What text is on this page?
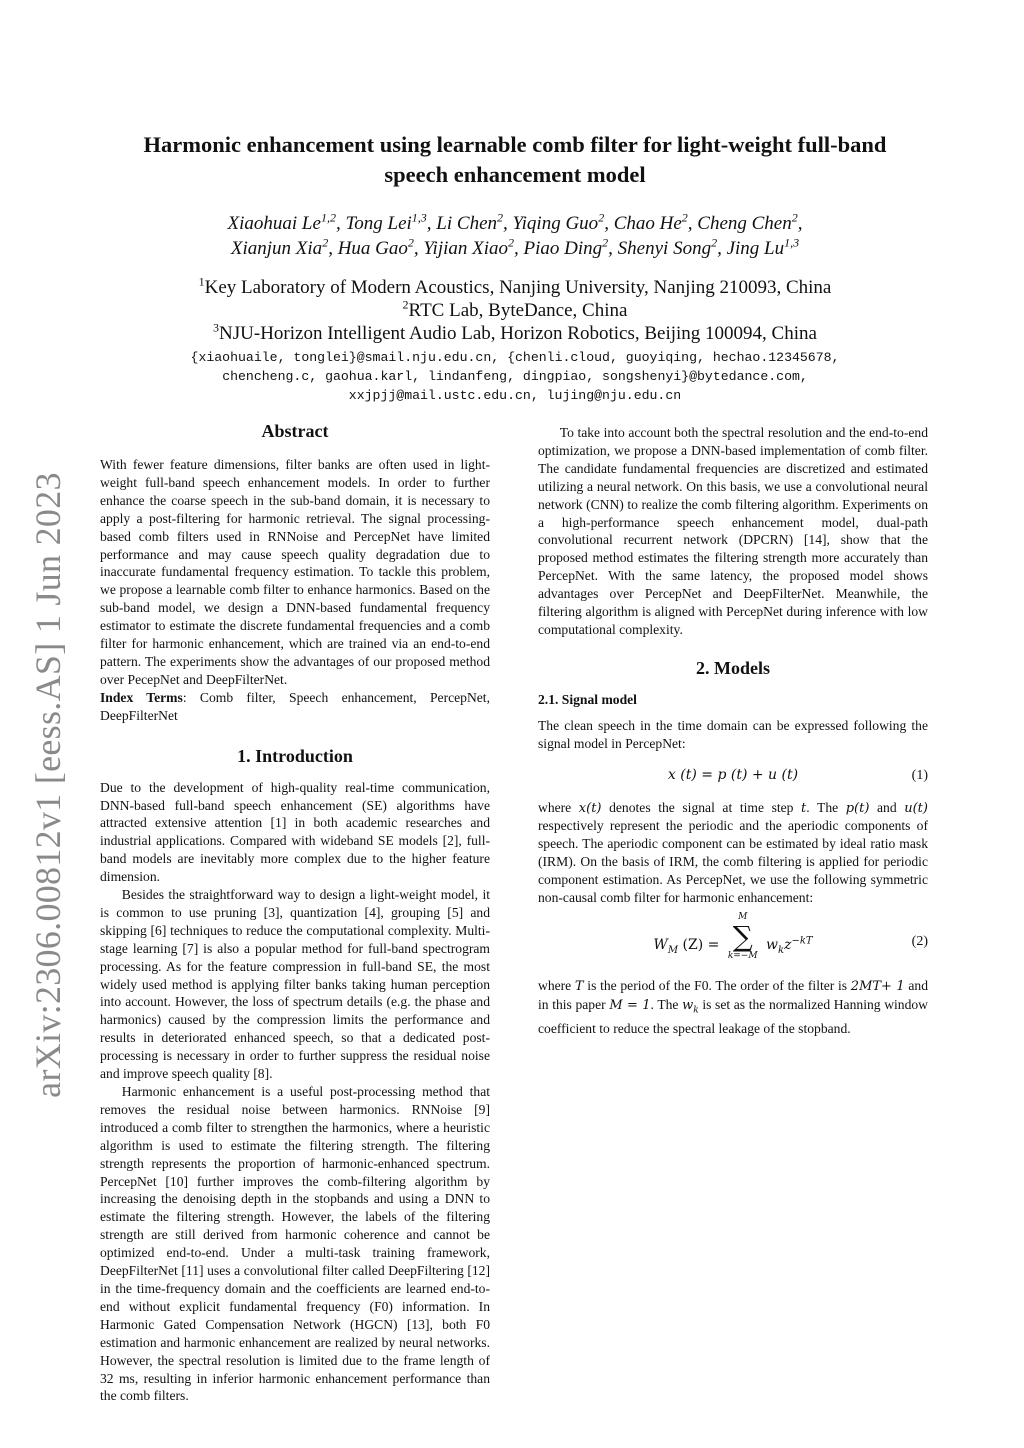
arXiv:2306.00812v1 [eess.AS] 1 Jun 2023
Harmonic enhancement using learnable comb filter for light-weight full-band
speech enhancement model
Xiaohuai Le$^{1,2}$, Tong Lei$^{1,3}$, Li Chen$^2$, Yiqing Guo$^2$, Chao He$^2$, Cheng Chen$^2$,
Xianjun Xia$^2$, Hua Gao$^2$, Yijian Xiao$^2$, Piao Ding$^2$, Shenyi Song$^2$, Jing Lu$^{1,3}$
$^1$Key Laboratory of Modern Acoustics, Nanjing University, Nanjing 210093, China
$^2$RTC Lab, ByteDance, China
$^3$NJU-Horizon Intelligent Audio Lab, Horizon Robotics, Beijing 100094, China
{xiaohuaile, tonglei}@smail.nju.edu.cn, {chenli.cloud, guoyiqing, hechao.12345678,
chencheng.c, gaohua.karl, lindanfeng, dingpiao, songshenyi}@bytedance.com,
xxjpjj@mail.ustc.edu.cn, lujing@nju.edu.cn

Abstract

With fewer feature dimensions, filter banks are often used in light-weight full-band speech enhancement models. In order to further enhance the coarse speech in the sub-band domain, it is necessary to apply a post-filtering for harmonic retrieval. The signal processing-based comb filters used in RNNoise and PercepNet have limited performance and may cause speech quality degradation due to inaccurate fundamental frequency estimation. To tackle this problem, we propose a learnable comb filter to enhance harmonics. Based on the sub-band model, we design a DNN-based fundamental frequency estimator to estimate the discrete fundamental frequencies and a comb filter for harmonic enhancement, which are trained via an end-to-end pattern. The experiments show the advantages of our proposed method over PecepNet and DeepFilterNet.

Index Terms: Comb filter, Speech enhancement, PercepNet, DeepFilterNet

1. Introduction

Due to the development of high-quality real-time communication, DNN-based full-band speech enhancement (SE) algorithms have attracted extensive attention [1] in both academic researches and industrial applications. Compared with wideband SE models [2], full-band models are inevitably more complex due to the higher feature dimension.

Besides the straightforward way to design a light-weight model, it is common to use pruning [3], quantization [4], grouping [5] and skipping [6] techniques to reduce the computational complexity. Multi-stage learning [7] is also a popular method for full-band spectrogram processing. As for the feature compression in full-band SE, the most widely used method is applying filter banks taking human perception into account. However, the loss of spectrum details (e.g. the phase and harmonics) caused by the compression limits the performance and results in deteriorated enhanced speech, so that a dedicated post-processing is necessary in order to further suppress the residual noise and improve speech quality [8].

Harmonic enhancement is a useful post-processing method that removes the residual noise between harmonics. RNNoise [9] introduced a comb filter to strengthen the harmonics, where a heuristic algorithm is used to estimate the filtering strength. The filtering strength represents the proportion of harmonic-enhanced spectrum. PercepNet [10] further improves the comb-filtering algorithm by increasing the denoising depth in the stopbands and using a DNN to estimate the filtering strength. However, the labels of the filtering strength are still derived from harmonic coherence and cannot be optimized end-to-end. Under a multi-task training framework, DeepFilterNet [11] uses a convolutional filter called DeepFiltering [12] in the time-frequency domain and the coefficients are learned end-to-end without explicit fundamental frequency (F0) information. In Harmonic Gated Compensation Network (HGCN) [13], both F0 estimation and harmonic enhancement are realized by neural networks. However, the spectral resolution is limited due to the frame length of 32 ms, resulting in inferior harmonic enhancement performance than the comb filters.

To take into account both the spectral resolution and the end-to-end optimization, we propose a DNN-based implementation of comb filter. The candidate fundamental frequencies are discretized and estimated utilizing a neural network. On this basis, we use a convolutional neural network (CNN) to realize the comb filtering algorithm. Experiments on a high-performance speech enhancement model, dual-path convolutional recurrent network (DPCRN) [14], show that the proposed method estimates the filtering strength more accurately than PercepNet. With the same latency, the proposed model shows advantages over PercepNet and DeepFilterNet. Meanwhile, the filtering algorithm is aligned with PercepNet during inference with low computational complexity.

2. Models

2.1. Signal model

The clean speech in the time domain can be expressed following the signal model in PercepNet:

x (t) = p (t) + u (t)	(1)

where x(t) denotes the signal at time step t. The p(t) and u(t) respectively represent the periodic and the aperiodic components of speech. The aperiodic component can be estimated by ideal ratio mask (IRM). On the basis of IRM, the comb filtering is applied for periodic component estimation. As PercepNet, we use the following symmetric non-causal comb filter for harmonic enhancement:

$W_M$ (Z) =
M
∑
k=−M
$w_kz^{-kT}$	(2)

where T is the period of the F0. The order of the filter is 2MT+ 1 and in this paper M = 1. The $w_k$ is set as the normalized Hanning window coefficient to reduce the spectral leakage of the stopband.
